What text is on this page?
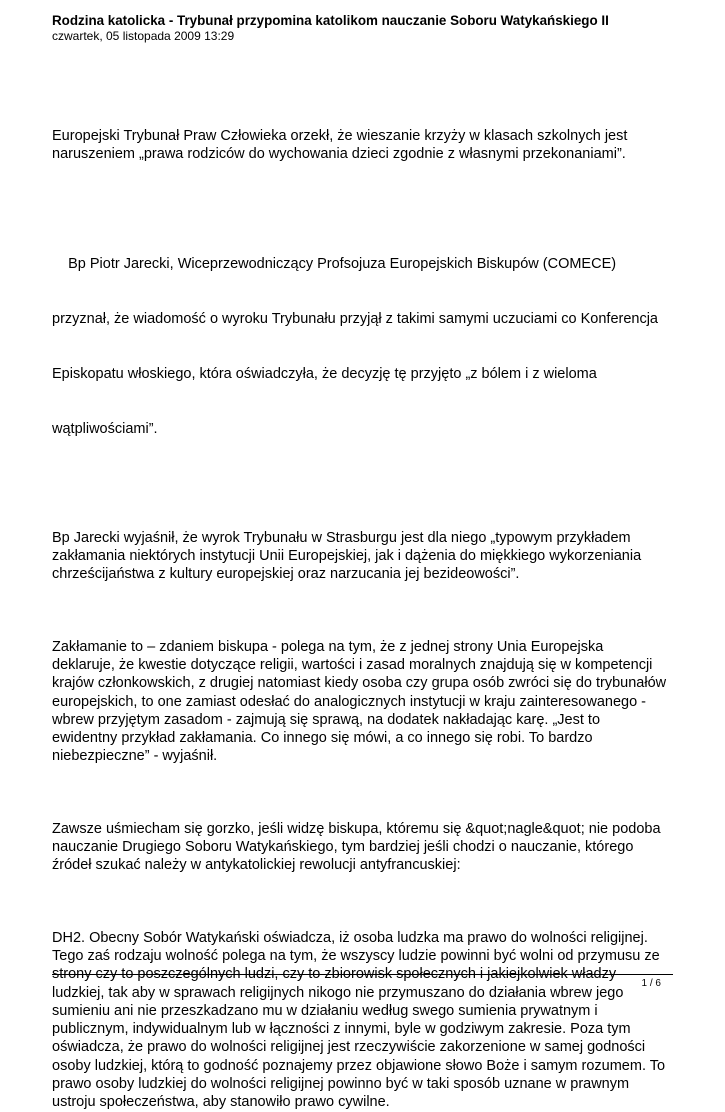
Rodzina katolicka - Trybunał przypomina katolikom nauczanie Soboru Watykańskiego II
czwartek, 05 listopada 2009 13:29

Europejski Trybunał Praw Człowieka orzekł, że wieszanie krzyży w klasach szkolnych jest
naruszeniem „prawa rodziców do wychowania dzieci zgodnie z własnymi przekonaniami”.

Bp Piotr Jarecki, Wiceprzewodniczący Profsojuza Europejskich Biskupów (COMECE)

przyznał, że wiadomość o wyroku Trybunału przyjął z takimi samymi uczuciami co Konferencja

Episkopatu włoskiego, która oświadczyła, że decyzję tę przyjęto „z bólem i z wieloma

wątpliwościami”.

Bp Jarecki wyjaśnił, że wyrok Trybunału w Strasburgu jest dla niego „typowym przykładem
zakłamania niektórych instytucji Unii Europejskiej, jak i dążenia do miękkiego wykorzeniania
chrześcijaństwa z kultury europejskiej oraz narzucania jej bezideowości”.

Zakłamanie to – zdaniem biskupa - polega na tym, że z jednej strony Unia Europejska
deklaruje, że kwestie dotyczące religii, wartości i zasad moralnych znajdują się w kompetencji
krajów członkowskich, z drugiej natomiast kiedy osoba czy grupa osób zwróci się do trybunałów
europejskich, to one zamiast odesłać do analogicznych instytucji w kraju zainteresowanego -
wbrew przyjętym zasadom - zajmują się sprawą, na dodatek nakładając karę. „Jest to
ewidentny przykład zakłamania. Co innego się mówi, a co innego się robi. To bardzo
niebezpieczne” - wyjaśnił.

Zawsze uśmiecham się gorzko, jeśli widzę biskupa, któremu się &quot;nagle&quot; nie podoba
nauczanie Drugiego Soboru Watykańskiego, tym bardziej jeśli chodzi o nauczanie, którego
źródeł szukać należy w antykatolickiej rewolucji antyfrancuskiej:

DH2. Obecny Sobór Watykański oświadcza, iż osoba ludzka ma prawo do wolności religijnej.
Tego zaś rodzaju wolność polega na tym, że wszyscy ludzie powinni być wolni od przymusu ze
strony czy to poszczególnych ludzi, czy to zbiorowisk społecznych i jakiejkolwiek władzy
ludzkiej, tak aby w sprawach religijnych nikogo nie przymuszano do działania wbrew jego
sumieniu ani nie przeszkadzano mu w działaniu według swego sumienia prywatnym i
publicznym, indywidualnym lub w łączności z innymi, byle w godziwym zakresie. Poza tym
oświadcza, że prawo do wolności religijnej jest rzeczywiście zakorzenione w samej godności
osoby ludzkiej, którą to godność poznajemy przez objawione słowo Boże i samym rozumem. To
prawo osoby ludzkiej do wolności religijnej powinno być w taki sposób uznane w prawnym
ustroju społeczeństwa, aby stanowiło prawo cywilne.

1 / 6
